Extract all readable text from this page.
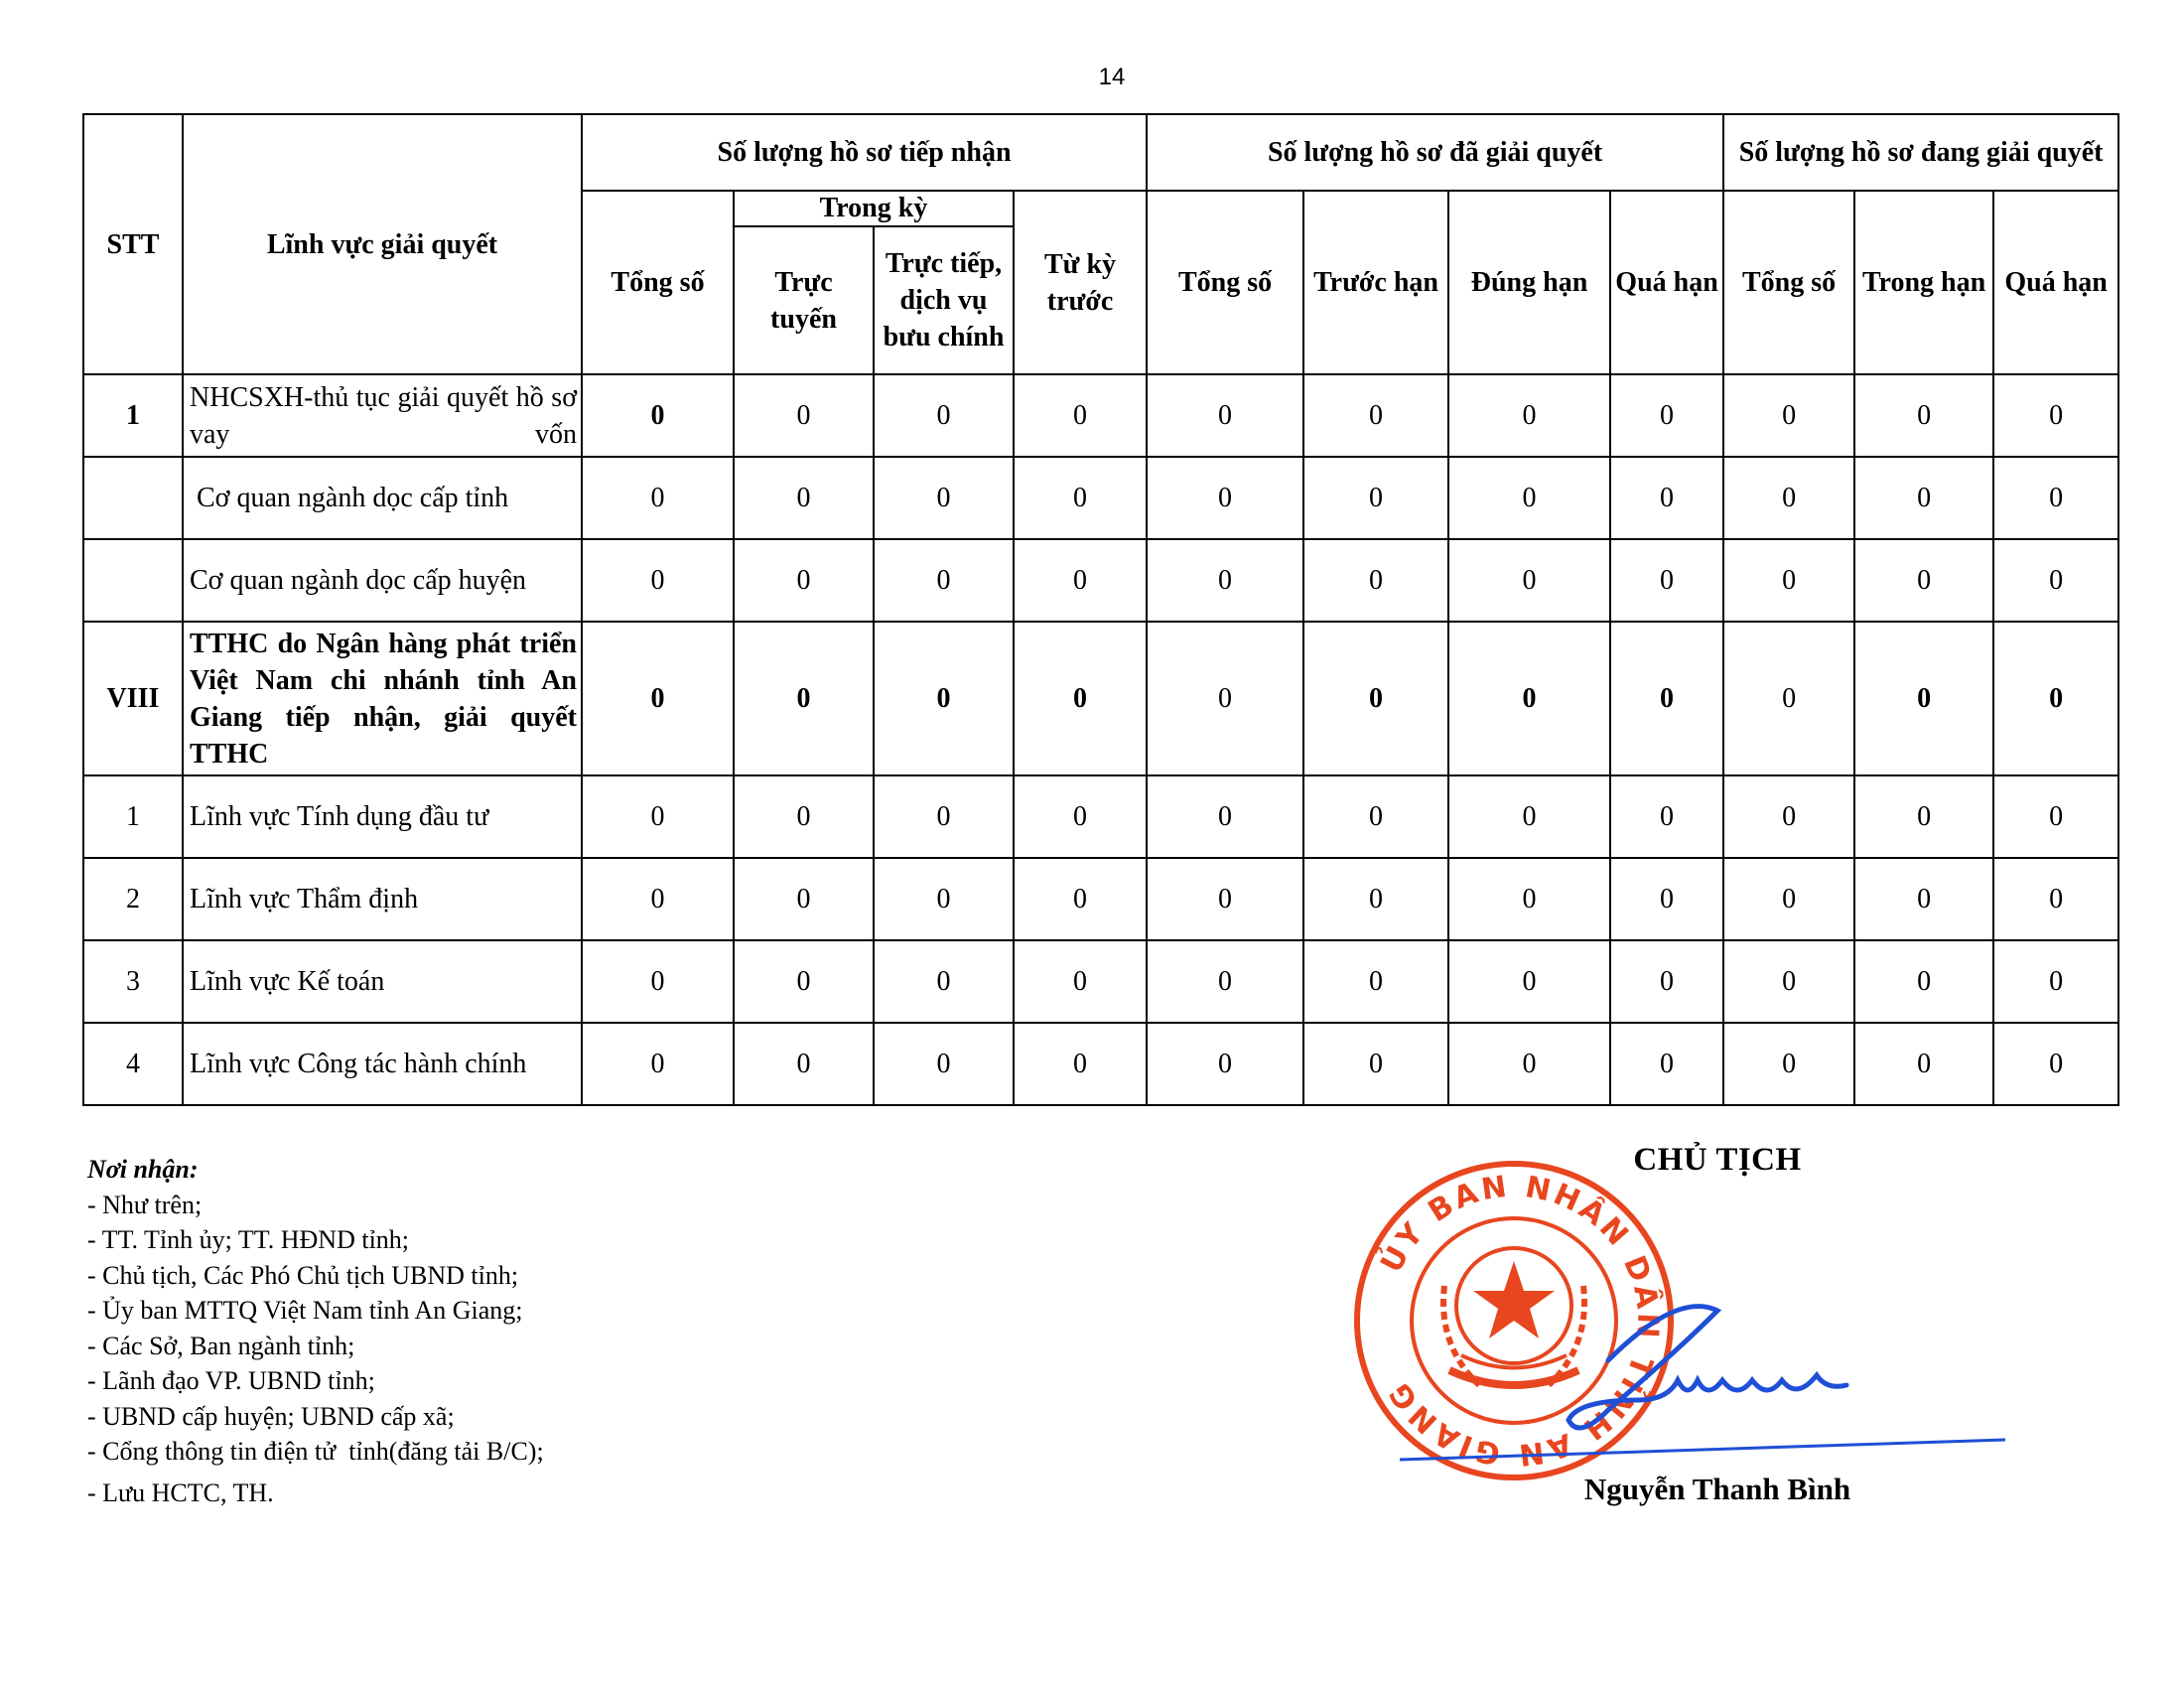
14
STT	Lĩnh vực giải quyết	Số lượng hồ sơ tiếp nhận				Số lượng hồ sơ đã giải quyết				Số lượng hồ sơ đang giải quyết		
		Tổng số	Trong kỳ		Từ kỳ trước	Tổng số	Trước hạn	Đúng hạn	Quá hạn	Tổng số	Trong hạn	Quá hạn
			Trực tuyến	Trực tiếp, dịch vụ bưu chính								
1	NHCSXH-thủ tục giải quyết hồ sơ vay vốn	0	0	0	0	0	0	0	0	0	0	0
	Cơ quan ngành dọc cấp tỉnh	0	0	0	0	0	0	0	0	0	0	0
	Cơ quan ngành dọc cấp huyện	0	0	0	0	0	0	0	0	0	0	0
VIII	TTHC do Ngân hàng phát triển Việt Nam chi nhánh tỉnh An Giang tiếp nhận, giải quyết TTHC	0	0	0	0	0	0	0	0	0	0	0
1	Lĩnh vực Tính dụng đầu tư	0	0	0	0	0	0	0	0	0	0	0
2	Lĩnh vực Thẩm định	0	0	0	0	0	0	0	0	0	0	0
3	Lĩnh vực Kế toán	0	0	0	0	0	0	0	0	0	0	0
4	Lĩnh vực Công tác hành chính	0	0	0	0	0	0	0	0	0	0	0
Nơi nhận:
- Như trên;
- TT. Tỉnh ủy; TT. HĐND tỉnh;
- Chủ tịch, Các Phó Chủ tịch UBND tỉnh;
- Ủy ban MTTQ Việt Nam tỉnh An Giang;
- Các Sở, Ban ngành tỉnh;
- Lãnh đạo VP. UBND tỉnh;
- UBND cấp huyện; UBND cấp xã;
- Cổng thông tin điện tử  tỉnh(đăng tải B/C);
- Lưu HCTC, TH.
CHỦ TỊCH
ỦY BAN NHÂN DÂN TỈNH AN GIANG
Nguyễn Thanh Bình
